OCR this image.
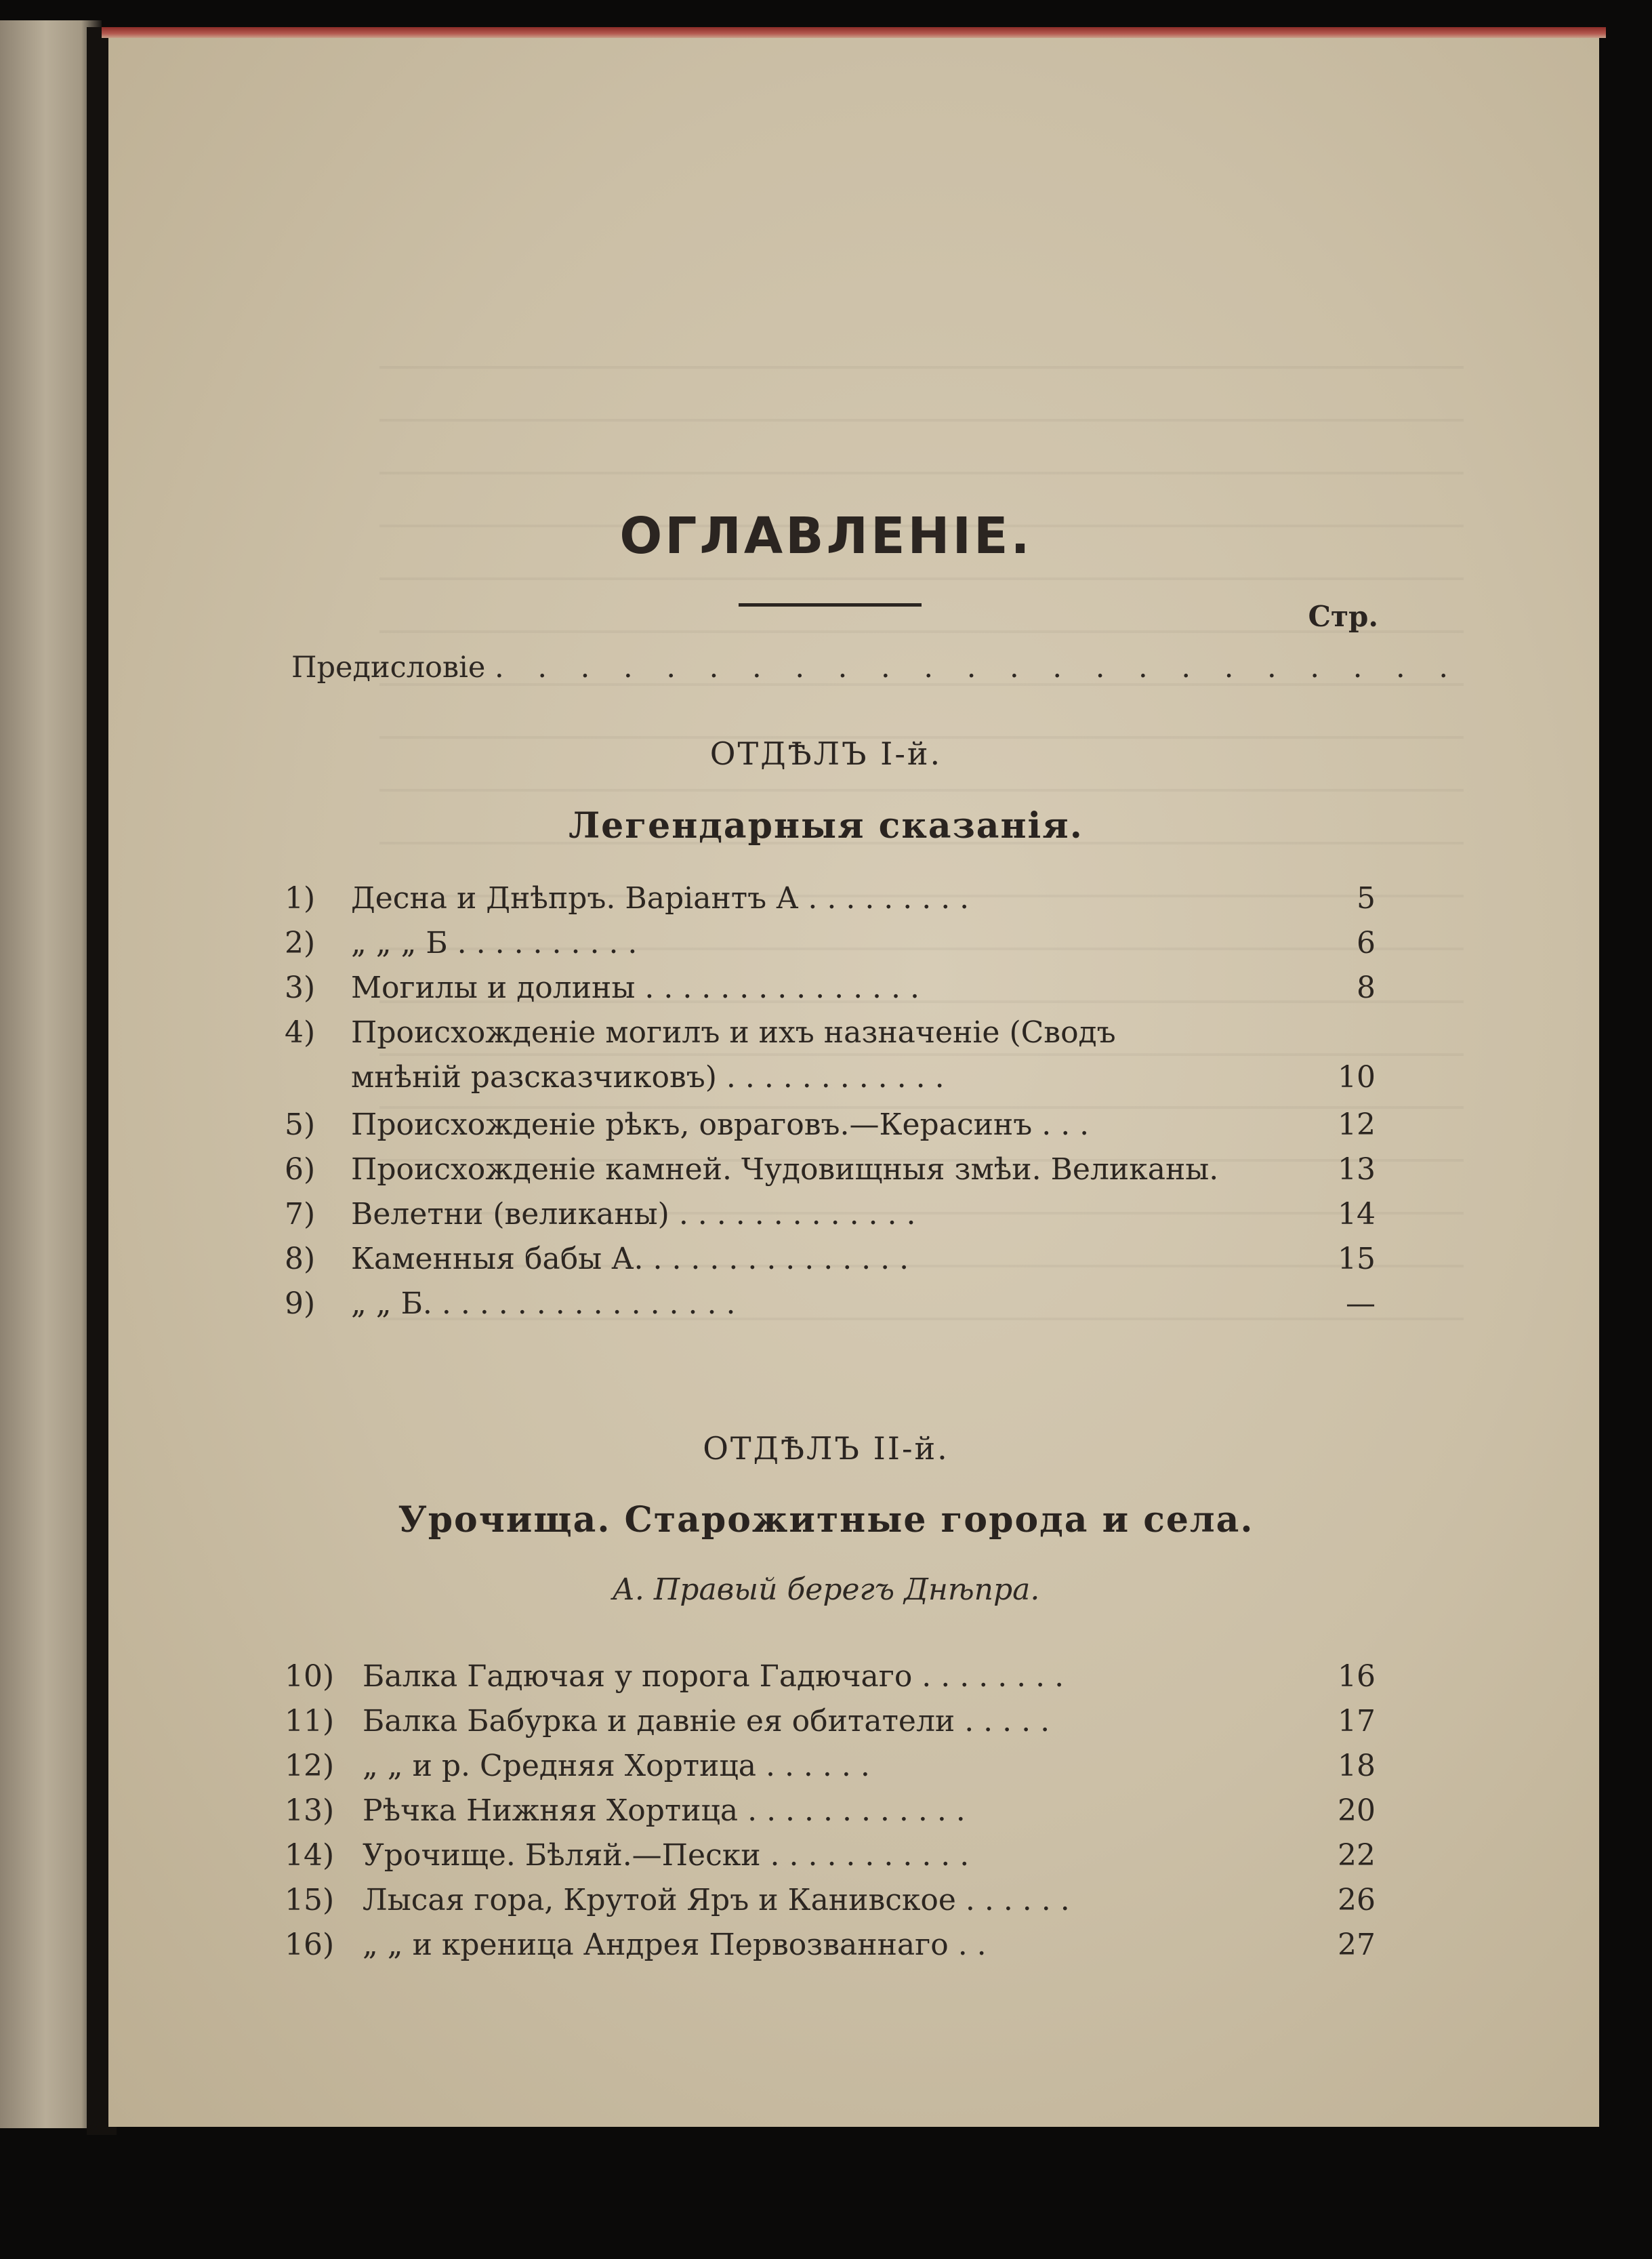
ОГЛАВЛЕНІЕ.
Стр.
Предисловіе . . . . . . . . . . . . . . . . . . . . . . .
ОТДѢЛЪ I-й.
Легендарныя сказанія.
1) Десна и Днѣпръ. Варіантъ А . . . . . . . . .	5
2) „ „ „ Б . . . . . . . . . .	6
3) Могилы и долины . . . . . . . . . . . . . . .	8
4) Происхожденіе могилъ и ихъ назначеніе (Сводъ
мнѣній разсказчиковъ) . . . . . . . . . . . .	10
5) Происхожденіе рѣкъ, овраговъ.—Керасинъ . . .	12
6) Происхожденіе камней. Чудовищныя змѣи. Великаны.	13
7) Велетни (великаны) . . . . . . . . . . . . .	14
8) Каменныя бабы А. . . . . . . . . . . . . . .	15
9) „ „ Б. . . . . . . . . . . . . . . . .	—
ОТДѢЛЪ II-й.
Урочища. Старожитные города и села.
А. Правый берегъ Днѣпра.
10) Балка Гадючая у порога Гадючаго . . . . . . . .	16
11) Балка Бабурка и давніе ея обитатели . . . . .	17
12) „ „ и р. Средняя Хортица . . . . . .	18
13) Рѣчка Нижняя Хортица . . . . . . . . . . . .	20
14) Урочище. Бѣляй.—Пески . . . . . . . . . . .	22
15) Лысая гора, Крутой Яръ и Канивское . . . . . .	26
16) „ „ и креница Андрея Первозваннаго . .	27
